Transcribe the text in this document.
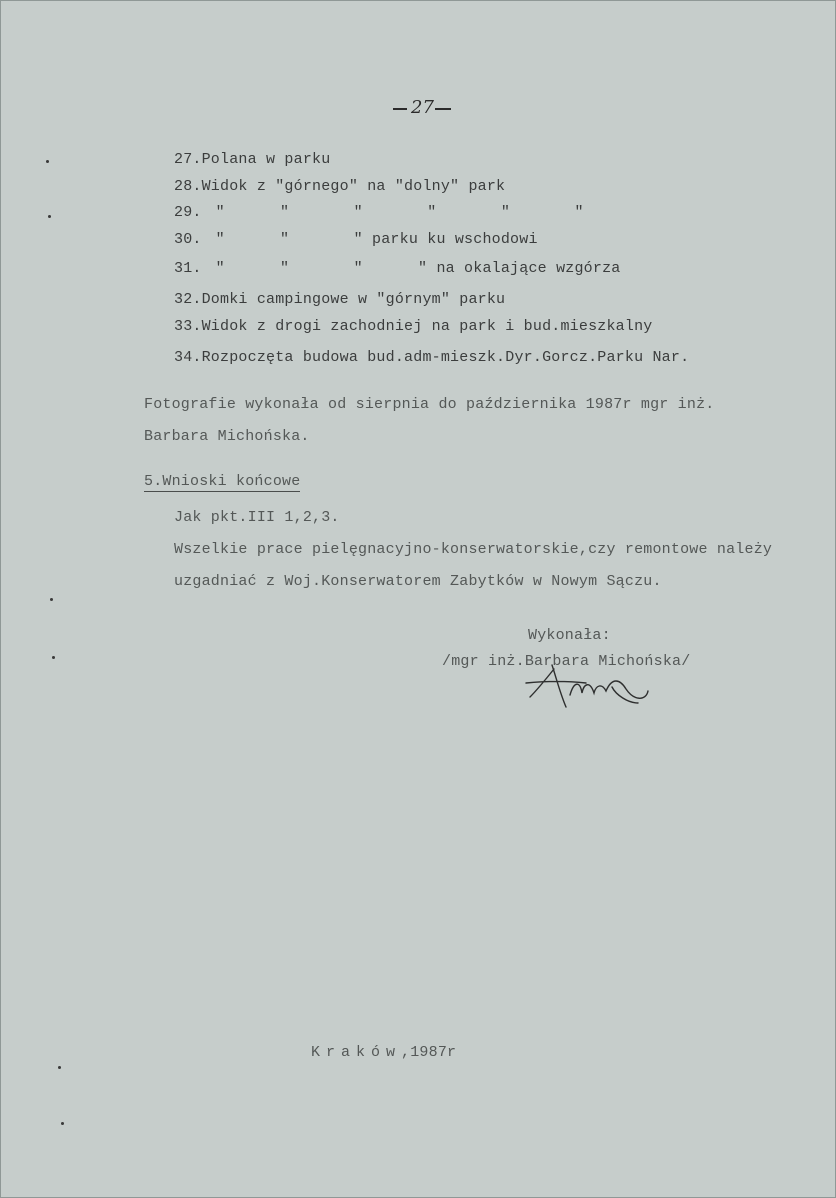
27
27.Polana w parku
28.Widok z "górnego" na "dolny" park
29. "      "       "       "       "       "
30. "      "       " parku ku wschodowi
31. "      "       "      " na okalające wzgórza
32.Domki campingowe w "górnym" parku
33.Widok z drogi zachodniej na park i bud.mieszkalny
34.Rozpoczęta budowa bud.adm-mieszk.Dyr.Gorcz.Parku Nar.
Fotografie wykonała od sierpnia do października 1987r mgr inż.
Barbara Michońska.
5.Wnioski końcowe
Jak pkt.III 1,2,3.
Wszelkie prace pielęgnacyjno-konserwatorskie,czy remontowe należy
uzgadniać z Woj.Konserwatorem Zabytków w Nowym Sączu.
Wykonała:
/mgr inż.Barbara Michońska/
Kraków,1987r
